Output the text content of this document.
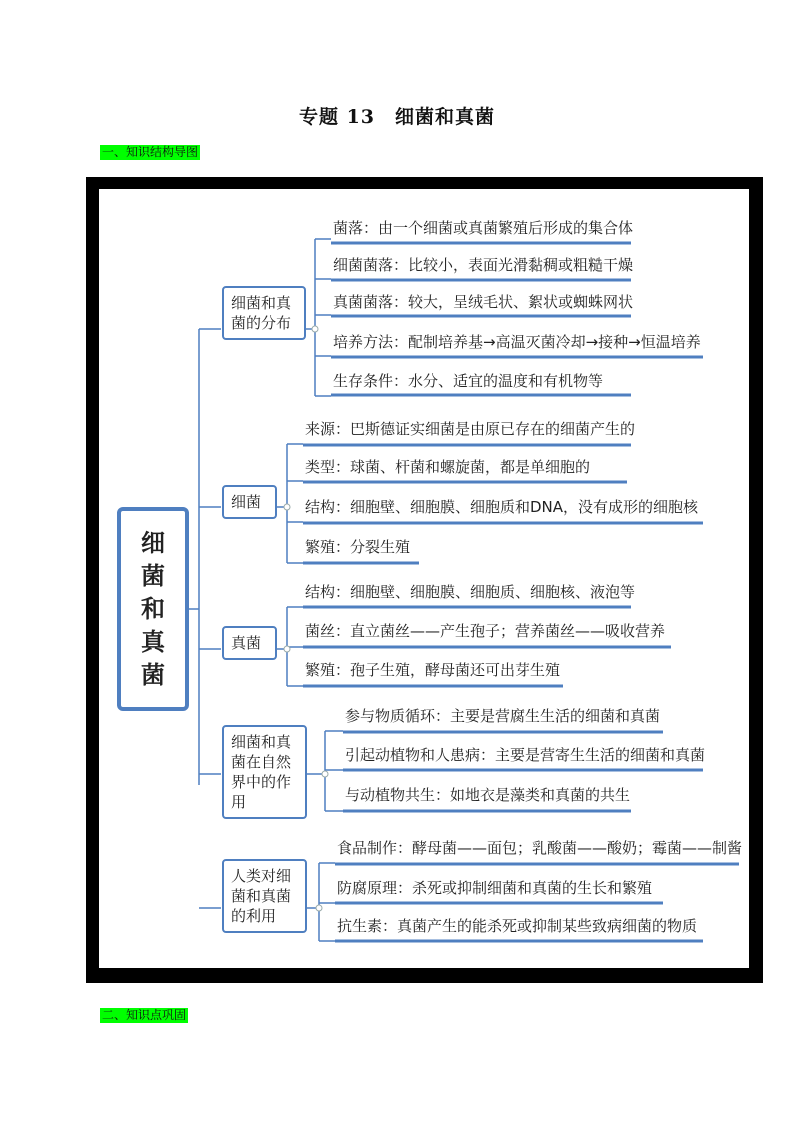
专题 13　细菌和真菌
一、知识结构导图
细
菌
和
真
菌
细菌和真菌的分布
菌落：由一个细菌或真菌繁殖后形成的集合体
细菌菌落：比较小，表面光滑黏稠或粗糙干燥
真菌菌落：较大，呈绒毛状、絮状或蜘蛛网状
培养方法：配制培养基→高温灭菌冷却→接种→恒温培养
生存条件：水分、适宜的温度和有机物等
细菌
来源：巴斯德证实细菌是由原已存在的细菌产生的
类型：球菌、杆菌和螺旋菌，都是单细胞的
结构：细胞壁、细胞膜、细胞质和DNA，没有成形的细胞核
繁殖：分裂生殖
真菌
结构：细胞壁、细胞膜、细胞质、细胞核、液泡等
菌丝：直立菌丝——产生孢子；营养菌丝——吸收营养
繁殖：孢子生殖，酵母菌还可出芽生殖
细菌和真菌在自然界中的作用
参与物质循环：主要是营腐生生活的细菌和真菌
引起动植物和人患病：主要是营寄生生活的细菌和真菌
与动植物共生：如地衣是藻类和真菌的共生
人类对细菌和真菌的利用
食品制作：酵母菌——面包；乳酸菌——酸奶；霉菌——制酱
防腐原理：杀死或抑制细菌和真菌的生长和繁殖
抗生素：真菌产生的能杀死或抑制某些致病细菌的物质
二、知识点巩固
